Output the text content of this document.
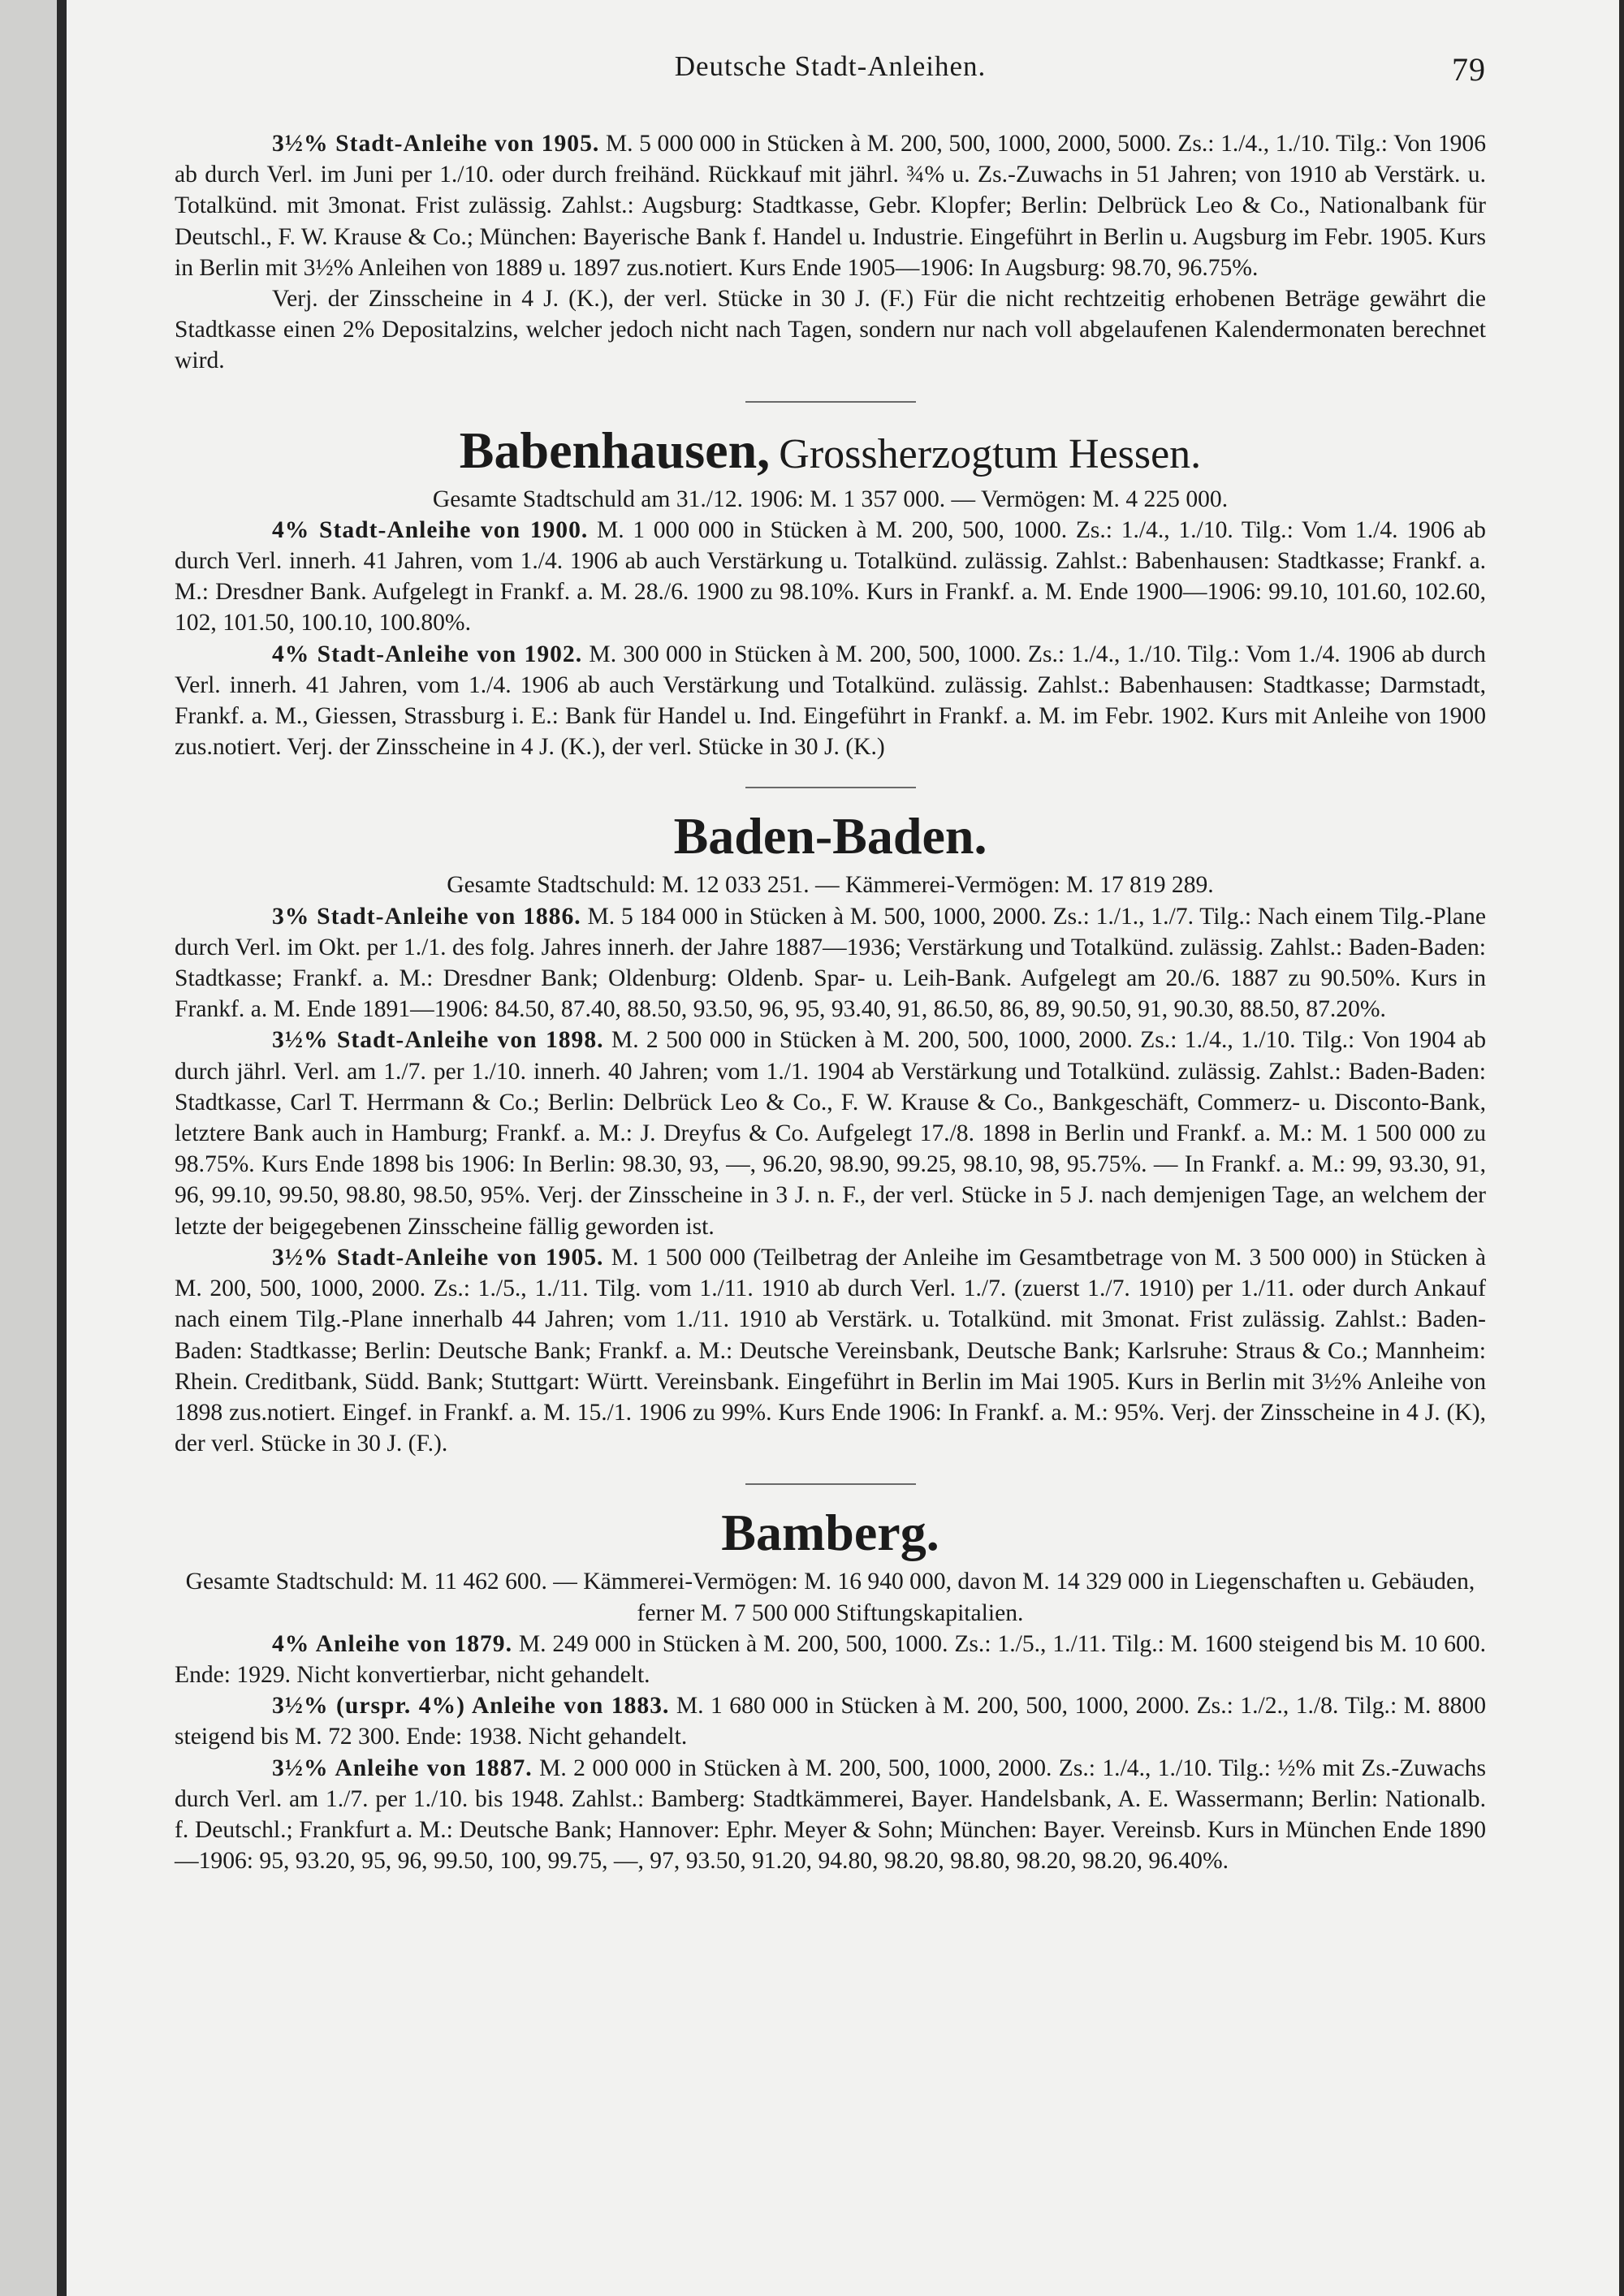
Deutsche Stadt-Anleihen.	79

3½% Stadt-Anleihe von 1905. M. 5 000 000 in Stücken à M. 200, 500, 1000, 2000, 5000. Zs.: 1./4., 1./10. Tilg.: Von 1906 ab durch Verl. im Juni per 1./10. oder durch freihänd. Rückkauf mit jährl. ¾% u. Zs.-Zuwachs in 51 Jahren; von 1910 ab Verstärk. u. Totalkünd. mit 3monat. Frist zulässig. Zahlst.: Augsburg: Stadtkasse, Gebr. Klopfer; Berlin: Delbrück Leo & Co., Nationalbank für Deutschl., F. W. Krause & Co.; München: Bayerische Bank f. Handel u. Industrie. Eingeführt in Berlin u. Augsburg im Febr. 1905. Kurs in Berlin mit 3½% Anleihen von 1889 u. 1897 zus.notiert. Kurs Ende 1905—1906: In Augsburg: 98.70, 96.75%.

Verj. der Zinsscheine in 4 J. (K.), der verl. Stücke in 30 J. (F.) Für die nicht rechtzeitig erhobenen Beträge gewährt die Stadtkasse einen 2% Depositalzins, welcher jedoch nicht nach Tagen, sondern nur nach voll abgelaufenen Kalendermonaten berechnet wird.

Babenhausen, Grossherzogtum Hessen.

Gesamte Stadtschuld am 31./12. 1906: M. 1 357 000. — Vermögen: M. 4 225 000.

4% Stadt-Anleihe von 1900. M. 1 000 000 in Stücken à M. 200, 500, 1000. Zs.: 1./4., 1./10. Tilg.: Vom 1./4. 1906 ab durch Verl. innerh. 41 Jahren, vom 1./4. 1906 ab auch Verstärkung u. Totalkünd. zulässig. Zahlst.: Babenhausen: Stadtkasse; Frankf. a. M.: Dresdner Bank. Aufgelegt in Frankf. a. M. 28./6. 1900 zu 98.10%. Kurs in Frankf. a. M. Ende 1900—1906: 99.10, 101.60, 102.60, 102, 101.50, 100.10, 100.80%.

4% Stadt-Anleihe von 1902. M. 300 000 in Stücken à M. 200, 500, 1000. Zs.: 1./4., 1./10. Tilg.: Vom 1./4. 1906 ab durch Verl. innerh. 41 Jahren, vom 1./4. 1906 ab auch Verstärkung und Totalkünd. zulässig. Zahlst.: Babenhausen: Stadtkasse; Darmstadt, Frankf. a. M., Giessen, Strassburg i. E.: Bank für Handel u. Ind. Eingeführt in Frankf. a. M. im Febr. 1902. Kurs mit Anleihe von 1900 zus.notiert. Verj. der Zinsscheine in 4 J. (K.), der verl. Stücke in 30 J. (K.)

Baden-Baden.

Gesamte Stadtschuld: M. 12 033 251. — Kämmerei-Vermögen: M. 17 819 289.

3% Stadt-Anleihe von 1886. M. 5 184 000 in Stücken à M. 500, 1000, 2000. Zs.: 1./1., 1./7. Tilg.: Nach einem Tilg.-Plane durch Verl. im Okt. per 1./1. des folg. Jahres innerh. der Jahre 1887—1936; Verstärkung und Totalkünd. zulässig. Zahlst.: Baden-Baden: Stadtkasse; Frankf. a. M.: Dresdner Bank; Oldenburg: Oldenb. Spar- u. Leih-Bank. Aufgelegt am 20./6. 1887 zu 90.50%. Kurs in Frankf. a. M. Ende 1891—1906: 84.50, 87.40, 88.50, 93.50, 96, 95, 93.40, 91, 86.50, 86, 89, 90.50, 91, 90.30, 88.50, 87.20%.

3½% Stadt-Anleihe von 1898. M. 2 500 000 in Stücken à M. 200, 500, 1000, 2000. Zs.: 1./4., 1./10. Tilg.: Von 1904 ab durch jährl. Verl. am 1./7. per 1./10. innerh. 40 Jahren; vom 1./1. 1904 ab Verstärkung und Totalkünd. zulässig. Zahlst.: Baden-Baden: Stadtkasse, Carl T. Herrmann & Co.; Berlin: Delbrück Leo & Co., F. W. Krause & Co., Bankgeschäft, Commerz- u. Disconto-Bank, letztere Bank auch in Hamburg; Frankf. a. M.: J. Dreyfus & Co. Aufgelegt 17./8. 1898 in Berlin und Frankf. a. M.: M. 1 500 000 zu 98.75%. Kurs Ende 1898 bis 1906: In Berlin: 98.30, 93, —, 96.20, 98.90, 99.25, 98.10, 98, 95.75%. — In Frankf. a. M.: 99, 93.30, 91, 96, 99.10, 99.50, 98.80, 98.50, 95%. Verj. der Zinsscheine in 3 J. n. F., der verl. Stücke in 5 J. nach demjenigen Tage, an welchem der letzte der beigegebenen Zinsscheine fällig geworden ist.

3½% Stadt-Anleihe von 1905. M. 1 500 000 (Teilbetrag der Anleihe im Gesamtbetrage von M. 3 500 000) in Stücken à M. 200, 500, 1000, 2000. Zs.: 1./5., 1./11. Tilg. vom 1./11. 1910 ab durch Verl. 1./7. (zuerst 1./7. 1910) per 1./11. oder durch Ankauf nach einem Tilg.-Plane innerhalb 44 Jahren; vom 1./11. 1910 ab Verstärk. u. Totalkünd. mit 3monat. Frist zulässig. Zahlst.: Baden-Baden: Stadtkasse; Berlin: Deutsche Bank; Frankf. a. M.: Deutsche Vereinsbank, Deutsche Bank; Karlsruhe: Straus & Co.; Mannheim: Rhein. Creditbank, Südd. Bank; Stuttgart: Württ. Vereinsbank. Eingeführt in Berlin im Mai 1905. Kurs in Berlin mit 3½% Anleihe von 1898 zus.notiert. Eingef. in Frankf. a. M. 15./1. 1906 zu 99%. Kurs Ende 1906: In Frankf. a. M.: 95%. Verj. der Zinsscheine in 4 J. (K), der verl. Stücke in 30 J. (F.).

Bamberg.

Gesamte Stadtschuld: M. 11 462 600. — Kämmerei-Vermögen: M. 16 940 000, davon M. 14 329 000 in Liegenschaften u. Gebäuden, ferner M. 7 500 000 Stiftungskapitalien.

4% Anleihe von 1879. M. 249 000 in Stücken à M. 200, 500, 1000. Zs.: 1./5., 1./11. Tilg.: M. 1600 steigend bis M. 10 600. Ende: 1929. Nicht konvertierbar, nicht gehandelt.

3½% (urspr. 4%) Anleihe von 1883. M. 1 680 000 in Stücken à M. 200, 500, 1000, 2000. Zs.: 1./2., 1./8. Tilg.: M. 8800 steigend bis M. 72 300. Ende: 1938. Nicht gehandelt.

3½% Anleihe von 1887. M. 2 000 000 in Stücken à M. 200, 500, 1000, 2000. Zs.: 1./4., 1./10. Tilg.: ½% mit Zs.-Zuwachs durch Verl. am 1./7. per 1./10. bis 1948. Zahlst.: Bamberg: Stadtkämmerei, Bayer. Handelsbank, A. E. Wassermann; Berlin: Nationalb. f. Deutschl.; Frankfurt a. M.: Deutsche Bank; Hannover: Ephr. Meyer & Sohn; München: Bayer. Vereinsb. Kurs in München Ende 1890—1906: 95, 93.20, 95, 96, 99.50, 100, 99.75, —, 97, 93.50, 91.20, 94.80, 98.20, 98.80, 98.20, 98.20, 96.40%.
